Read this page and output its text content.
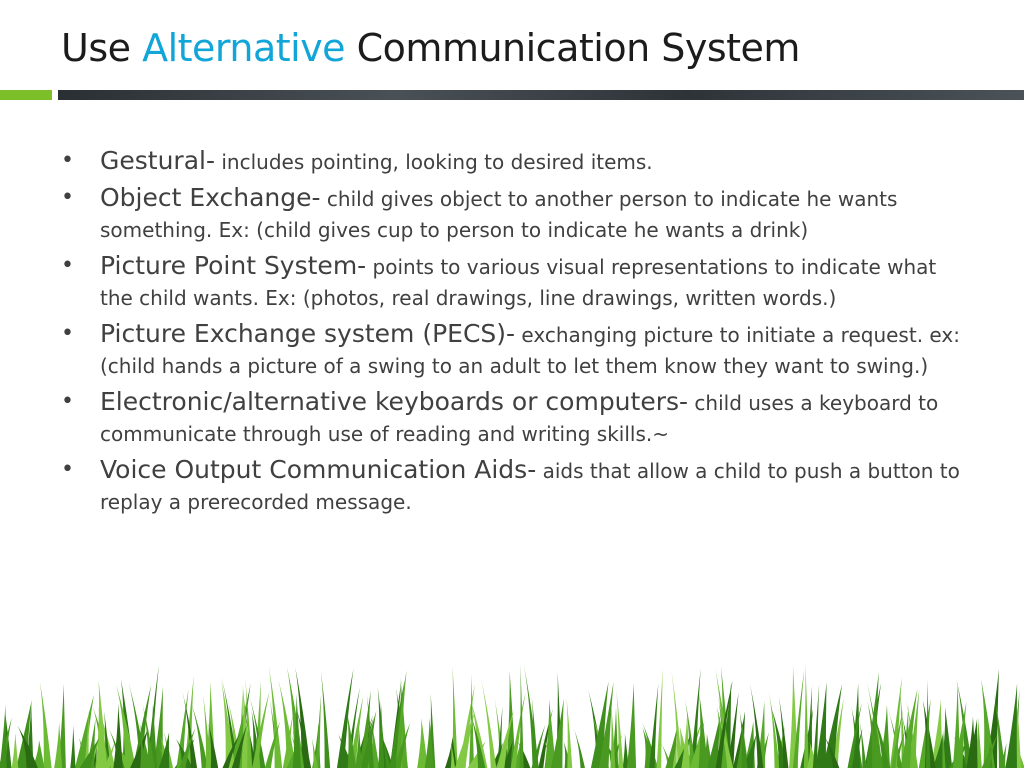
Use Alternative Communication System
• Gestural- includes pointing, looking to desired items.
• Object Exchange- child gives object to another person to indicate he wants something. Ex: (child gives cup to person to indicate he wants a drink)
• Picture Point System- points to various visual representations to indicate what the child wants. Ex: (photos, real drawings, line drawings, written words.)
• Picture Exchange system (PECS)- exchanging picture to initiate a request. ex: (child hands a picture of a swing to an adult to let them know they want to swing.)
• Electronic/alternative keyboards or computers- child uses a keyboard to communicate through use of reading and writing skills.~
• Voice Output Communication Aids- aids that allow a child to push a button to replay a prerecorded message.
